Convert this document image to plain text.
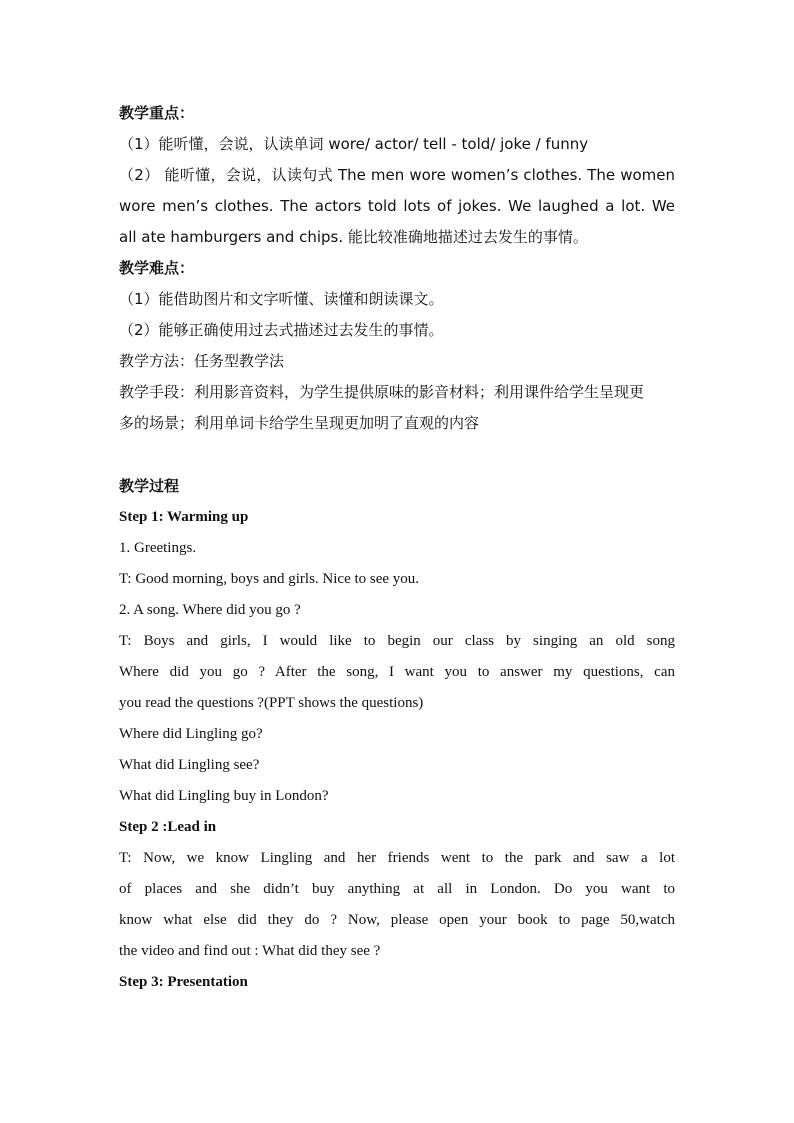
教学重点：
（1）能听懂，会说，认读单词 wore/ actor/ tell - told/ joke / funny
（2） 能听懂，会说，认读句式 The men wore women’s clothes. The women
wore men’s clothes. The actors told lots of jokes. We laughed a lot. We
all ate hamburgers and chips. 能比较准确地描述过去发生的事情。
教学难点：
（1）能借助图片和文字听懂、读懂和朗读课文。
（2）能够正确使用过去式描述过去发生的事情。
教学方法：任务型教学法
教学手段：利用影音资料，为学生提供原味的影音材料；利用课件给学生呈现更
多的场景；利用单词卡给学生呈现更加明了直观的内容
教学过程
Step 1: Warming up
1. Greetings.
T: Good morning, boys and girls. Nice to see you.
2. A song. Where did you go ?
T: Boys and girls, I would like to begin our class by singing an old song
Where did you go ? After the song, I want you to answer my questions, can
you read the questions ?(PPT shows the questions)
Where did Lingling go?
What did Lingling see?
What did Lingling buy in London?
Step 2 :Lead in
T: Now, we know Lingling and her friends went to the park and saw a lot
of places and she didn’t buy anything at all in London. Do you want to
know what else did they do ? Now, please open your book to page 50,watch
the video and find out : What did they see ?
Step 3: Presentation
